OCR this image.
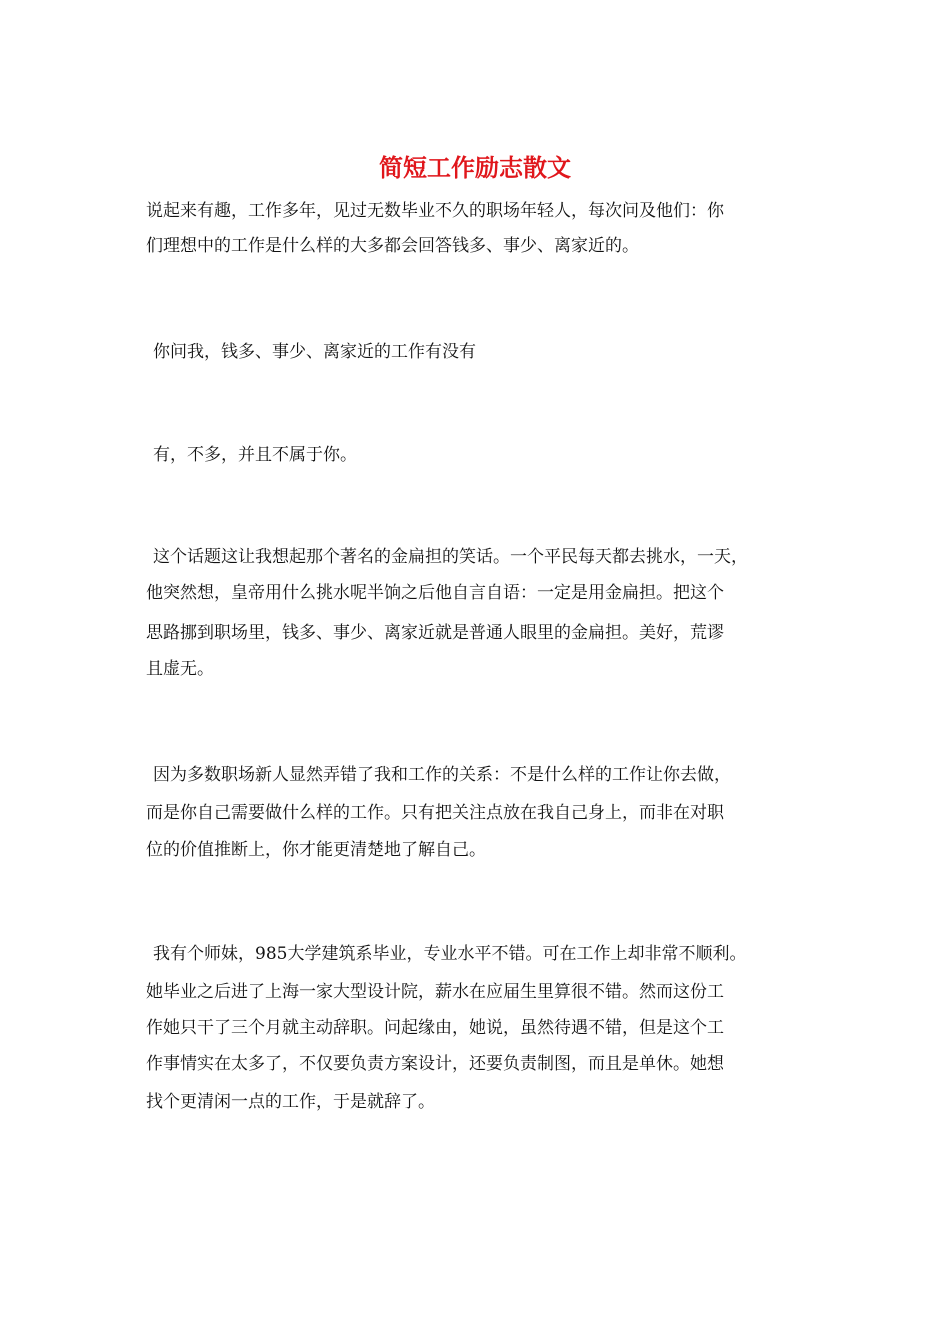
简短工作励志散文

说起来有趣，工作多年，见过无数毕业不久的职场年轻人，每次问及他们：你

们理想中的工作是什么样的大多都会回答钱多、事少、离家近的。

你问我，钱多、事少、离家近的工作有没有

有，不多，并且不属于你。

这个话题这让我想起那个著名的金扁担的笑话。一个平民每天都去挑水，一天，

他突然想，皇帝用什么挑水呢半饷之后他自言自语：一定是用金扁担。把这个

思路挪到职场里，钱多、事少、离家近就是普通人眼里的金扁担。美好，荒谬

且虚无。

因为多数职场新人显然弄错了我和工作的关系：不是什么样的工作让你去做，

而是你自己需要做什么样的工作。只有把关注点放在我自己身上，而非在对职

位的价值推断上，你才能更清楚地了解自己。

我有个师妹，985大学建筑系毕业，专业水平不错。可在工作上却非常不顺利。

她毕业之后进了上海一家大型设计院，薪水在应届生里算很不错。然而这份工

作她只干了三个月就主动辞职。问起缘由，她说，虽然待遇不错，但是这个工

作事情实在太多了，不仅要负责方案设计，还要负责制图，而且是单休。她想

找个更清闲一点的工作，于是就辞了。
